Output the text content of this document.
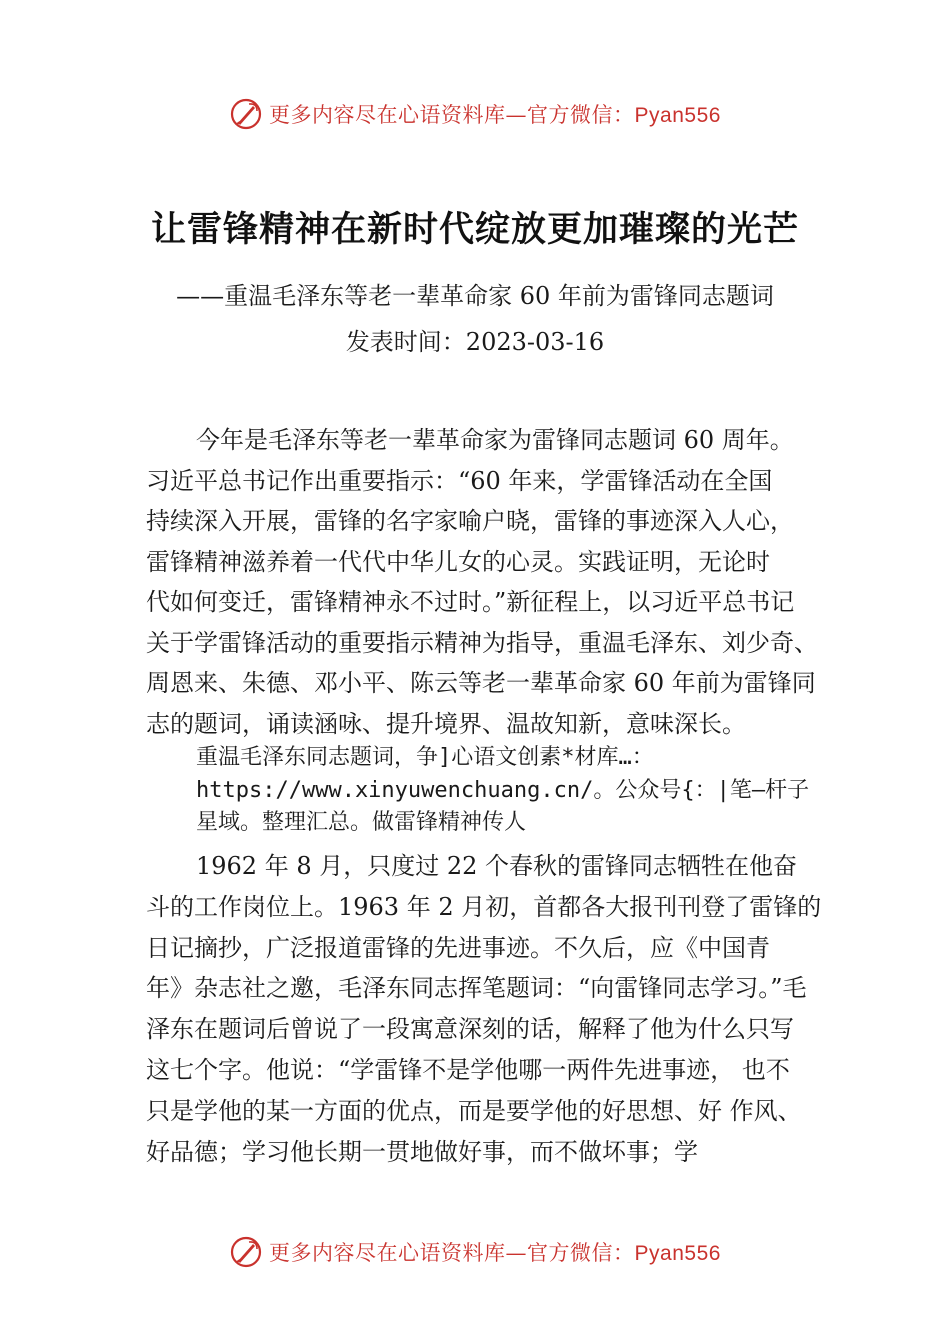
更多内容尽在心语资料库—官方微信：Pyan556
让雷锋精神在新时代绽放更加璀璨的光芒
——重温毛泽东等老一辈革命家 60 年前为雷锋同志题词
发表时间：2023-03-16
今年是毛泽东等老一辈革命家为雷锋同志题词 60 周年。
习近平总书记作出重要指示：“60 年来，学雷锋活动在全国
持续深入开展，雷锋的名字家喻户晓，雷锋的事迹深入人心，
雷锋精神滋养着一代代中华儿女的心灵。实践证明，无论时
代如何变迁，雷锋精神永不过时。”新征程上，以习近平总书记
关于学雷锋活动的重要指示精神为指导，重温毛泽东、刘少奇、
周恩来、朱德、邓小平、陈云等老一辈革命家 60 年前为雷锋同
志的题词，诵读涵咏、提升境界、温故知新，意味深长。
重温毛泽东同志题词，争]心语文创素*材库…：
https://www.xinyuwenchuang.cn/。公众号{：|笔—杆子
星域。整理汇总。做雷锋精神传人
1962 年 8 月，只度过 22 个春秋的雷锋同志牺牲在他奋
斗的工作岗位上。1963 年 2 月初，首都各大报刊刊登了雷锋的
日记摘抄，广泛报道雷锋的先进事迹。不久后，应《中国青
年》杂志社之邀，毛泽东同志挥笔题词：“向雷锋同志学习。”毛
泽东在题词后曾说了一段寓意深刻的话，解释了他为什么只写
这七个字。他说：“学雷锋不是学他哪一两件先进事迹， 也不
只是学他的某一方面的优点，而是要学他的好思想、好 作风、
好品德；学习他长期一贯地做好事，而不做坏事；学
更多内容尽在心语资料库—官方微信：Pyan556
